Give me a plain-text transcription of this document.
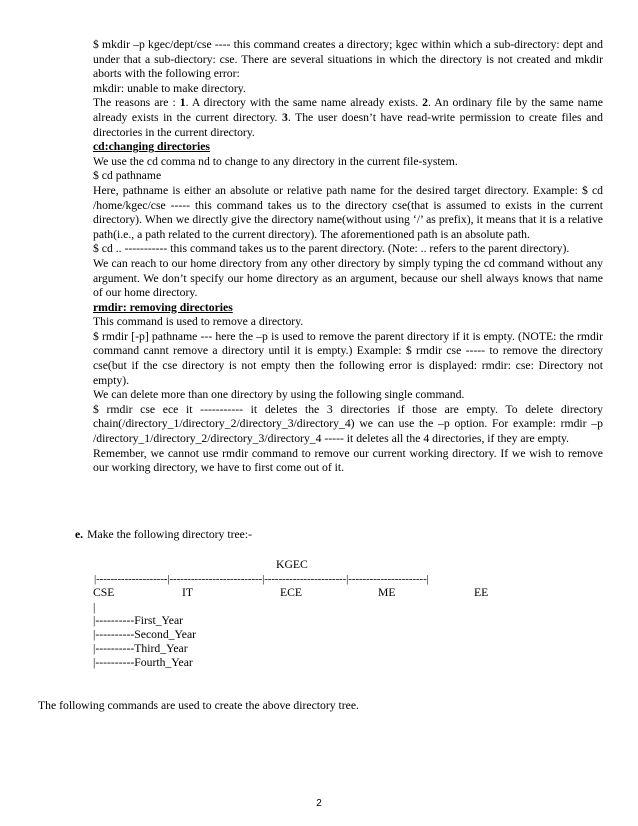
$ mkdir –p kgec/dept/cse ---- this command creates a directory; kgec within which a sub-directory: dept and under that a sub-diectory: cse. There are several situations in which the directory is not created and mkdir aborts with the following error:

mkdir: unable to make directory.

The reasons are : 1. A directory with the same name already exists. 2. An ordinary file by the same name already exists in the current directory. 3. The user doesn’t have read-write permission to create files and directories in the current directory.

cd:changing directories

We use the cd comma nd to change to any directory in the current file-system.

$ cd pathname

Here, pathname is either an absolute or relative path name for the desired target directory. Example: $ cd /home/kgec/cse ----- this command takes us to the directory cse(that is assumed to exists in the current directory). When we directly give the directory name(without using ‘/’ as prefix), it means that it is a relative path(i.e., a path related to the current directory). The aforementioned path is an absolute path.

$ cd .. ----------- this command takes us to the parent directory. (Note: .. refers to the parent directory).

We can reach to our home directory from any other directory by simply typing the cd command without any argument. We don’t specify our home directory as an argument, because our shell always knows that name of our home directory.

rmdir: removing directories

This command is used to remove a directory.

$ rmdir [-p] pathname --- here the –p is used to remove the parent directory if it is empty. (NOTE: the rmdir command cannt remove a directory until it is empty.) Example: $ rmdir cse ----- to remove the directory cse(but if the cse directory is not empty then the following error is displayed: rmdir: cse: Directory not empty).

We can delete more than one directory by using the following single command.

$ rmdir cse ece it ----------- it deletes the 3 directories if those are empty. To delete directory chain(/directory_1/directory_2/directory_3/directory_4) we can use the –p option. For example: rmdir –p /directory_1/directory_2/directory_3/directory_4 ----- it deletes all the 4 directories, if they are empty.

Remember, we cannot use rmdir command to remove our current working directory. If we wish to remove our working directory, we have to first come out of it.

e. Make the following directory tree:-
KGEC
|--------------------|--------------------------|-----------------------|----------------------|
CSE	IT	ECE	ME	EE
|
|----------First_Year
|----------Second_Year
|----------Third_Year
|----------Fourth_Year
The following commands are used to create the above directory tree.
2
